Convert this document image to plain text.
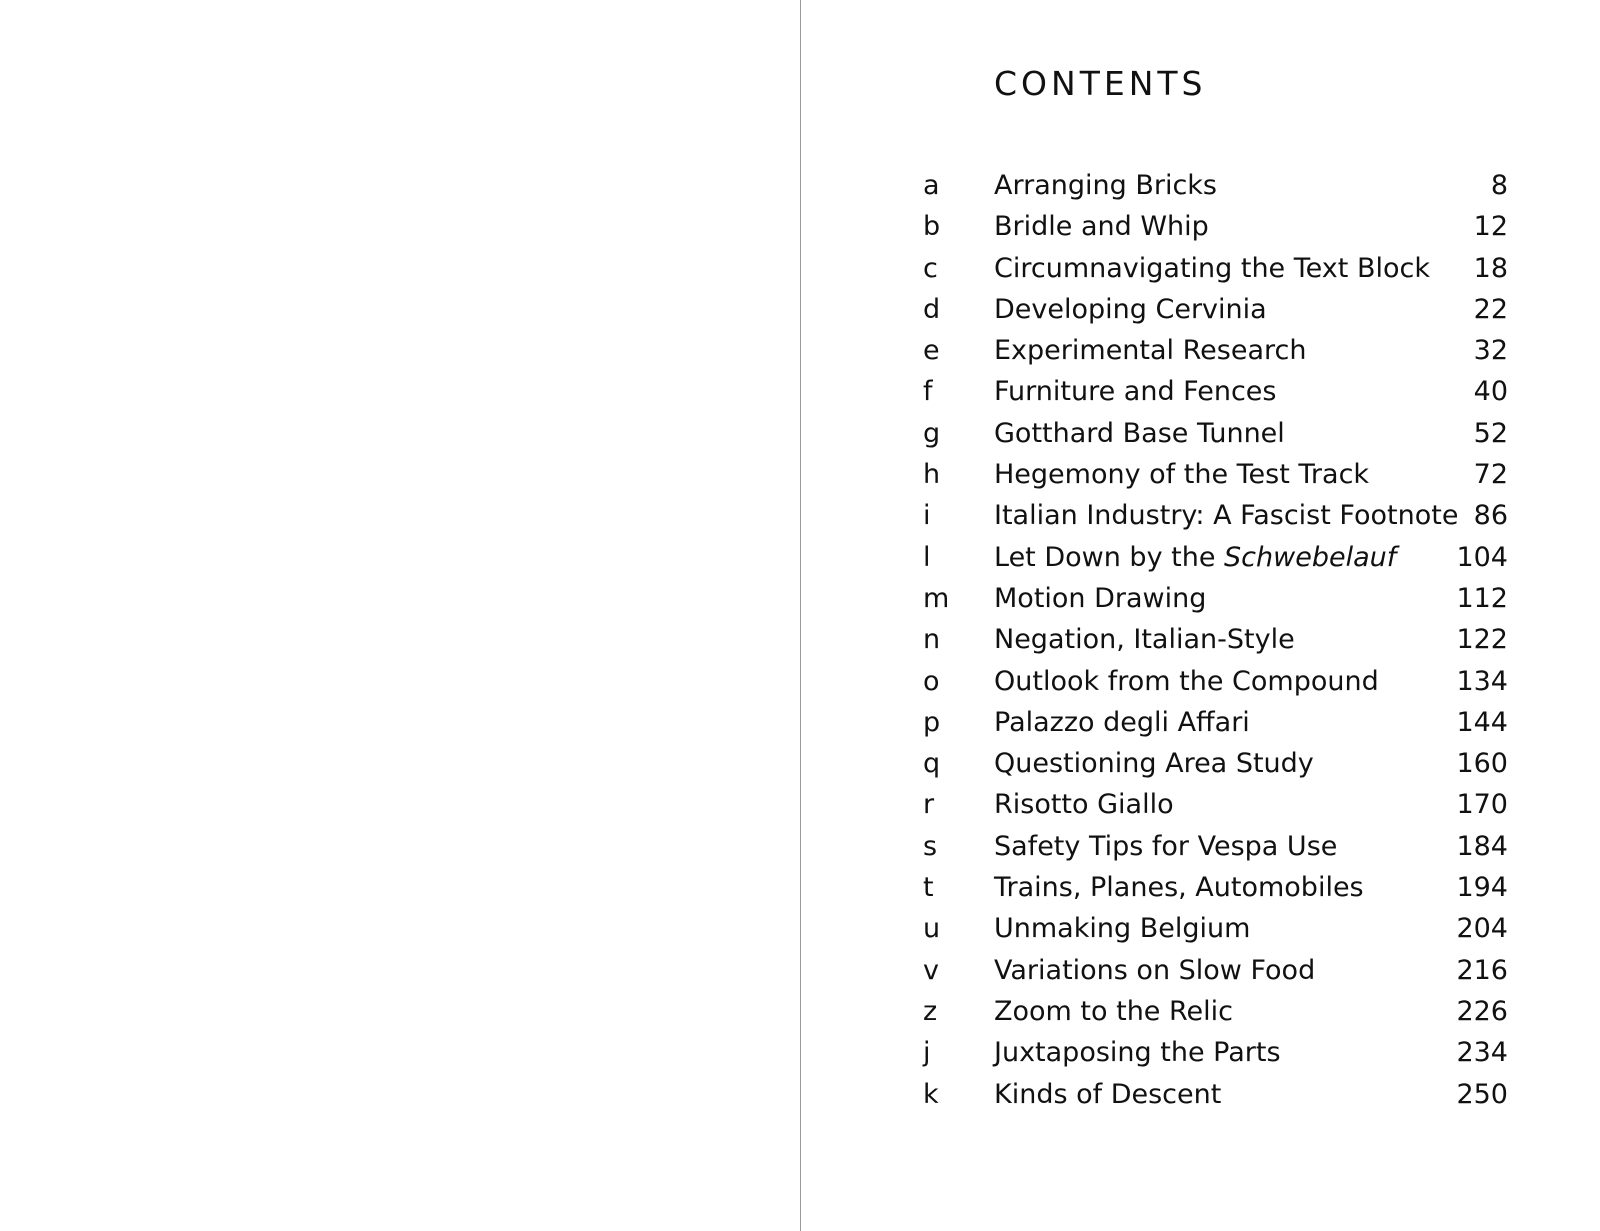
CONTENTS
a	Arranging Bricks	8
b	Bridle and Whip	12
c	Circumnavigating the Text Block 18
d	Developing Cervinia	22
e	Experimental Research	32
f	Furniture and Fences	40
g	Gotthard Base Tunnel	52
h	Hegemony of the Test Track	72
i	Italian Industry: A Fascist Footnote 86
l	Let Down by the Schwebelauf 104
m	Motion Drawing	112
n	Negation, Italian-Style	122
o	Outlook from the Compound	134
p	Palazzo degli Affari	144
q	Questioning Area Study	160
r	Risotto Giallo	170
s	Safety Tips for Vespa Use	184
t	Trains, Planes, Automobiles	194
u	Unmaking Belgium	204
v	Variations on Slow Food	216
z	Zoom to the Relic	226
j	Juxtaposing the Parts	234
k	Kinds of Descent	250
